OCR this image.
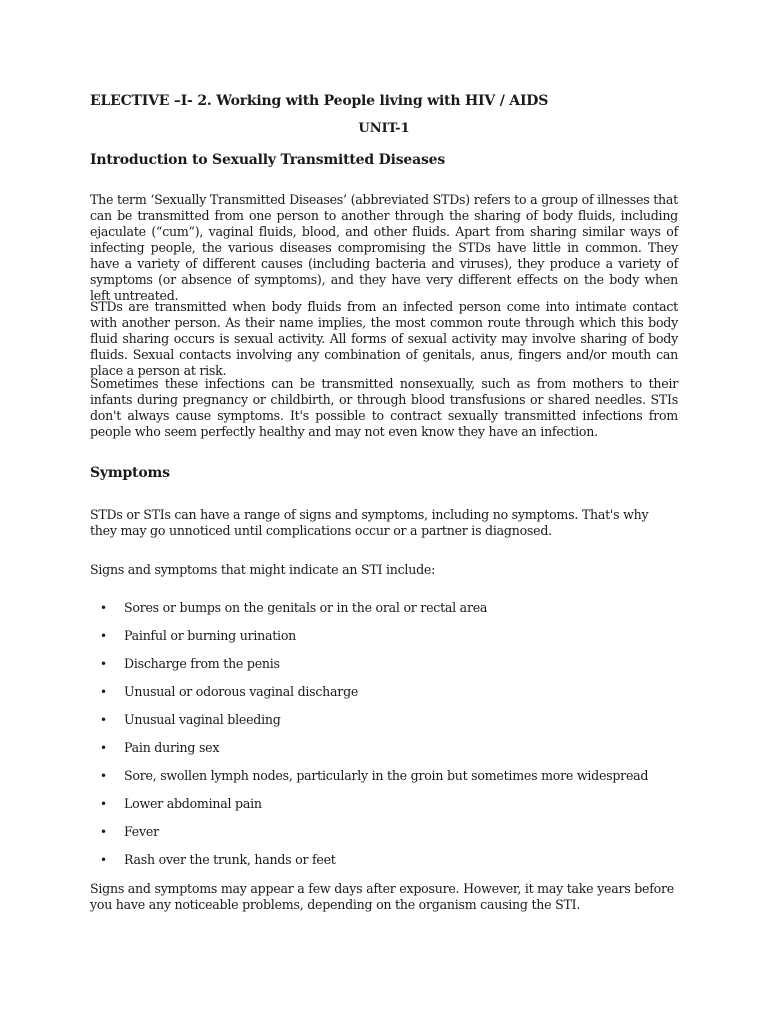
ELECTIVE –I- 2. Working with People living with HIV / AIDS

UNIT-1

Introduction to Sexually Transmitted Diseases

The term ‘Sexually Transmitted Diseases’ (abbreviated STDs) refers to a group of illnesses that can be transmitted from one person to another through the sharing of body fluids, including ejaculate (“cum”), vaginal fluids, blood, and other fluids. Apart from sharing similar ways of infecting people, the various diseases compromising the STDs have little in common. They have a variety of different causes (including bacteria and viruses), they produce a variety of symptoms (or absence of symptoms), and they have very different effects on the body when left untreated.

STDs are transmitted when body fluids from an infected person come into intimate contact with another person. As their name implies, the most common route through which this body fluid sharing occurs is sexual activity. All forms of sexual activity may involve sharing of body fluids. Sexual contacts involving any combination of genitals, anus, fingers and/or mouth can place a person at risk.

Sometimes these infections can be transmitted nonsexually, such as from mothers to their infants during pregnancy or childbirth, or through blood transfusions or shared needles. STIs don't always cause symptoms. It's possible to contract sexually transmitted infections from people who seem perfectly healthy and may not even know they have an infection.

Symptoms

STDs or STIs can have a range of signs and symptoms, including no symptoms. That's why they may go unnoticed until complications occur or a partner is diagnosed.

Signs and symptoms that might indicate an STI include:

• Sores or bumps on the genitals or in the oral or rectal area
• Painful or burning urination
• Discharge from the penis
• Unusual or odorous vaginal discharge
• Unusual vaginal bleeding
• Pain during sex
• Sore, swollen lymph nodes, particularly in the groin but sometimes more widespread
• Lower abdominal pain
• Fever
• Rash over the trunk, hands or feet

Signs and symptoms may appear a few days after exposure. However, it may take years before you have any noticeable problems, depending on the organism causing the STI.
